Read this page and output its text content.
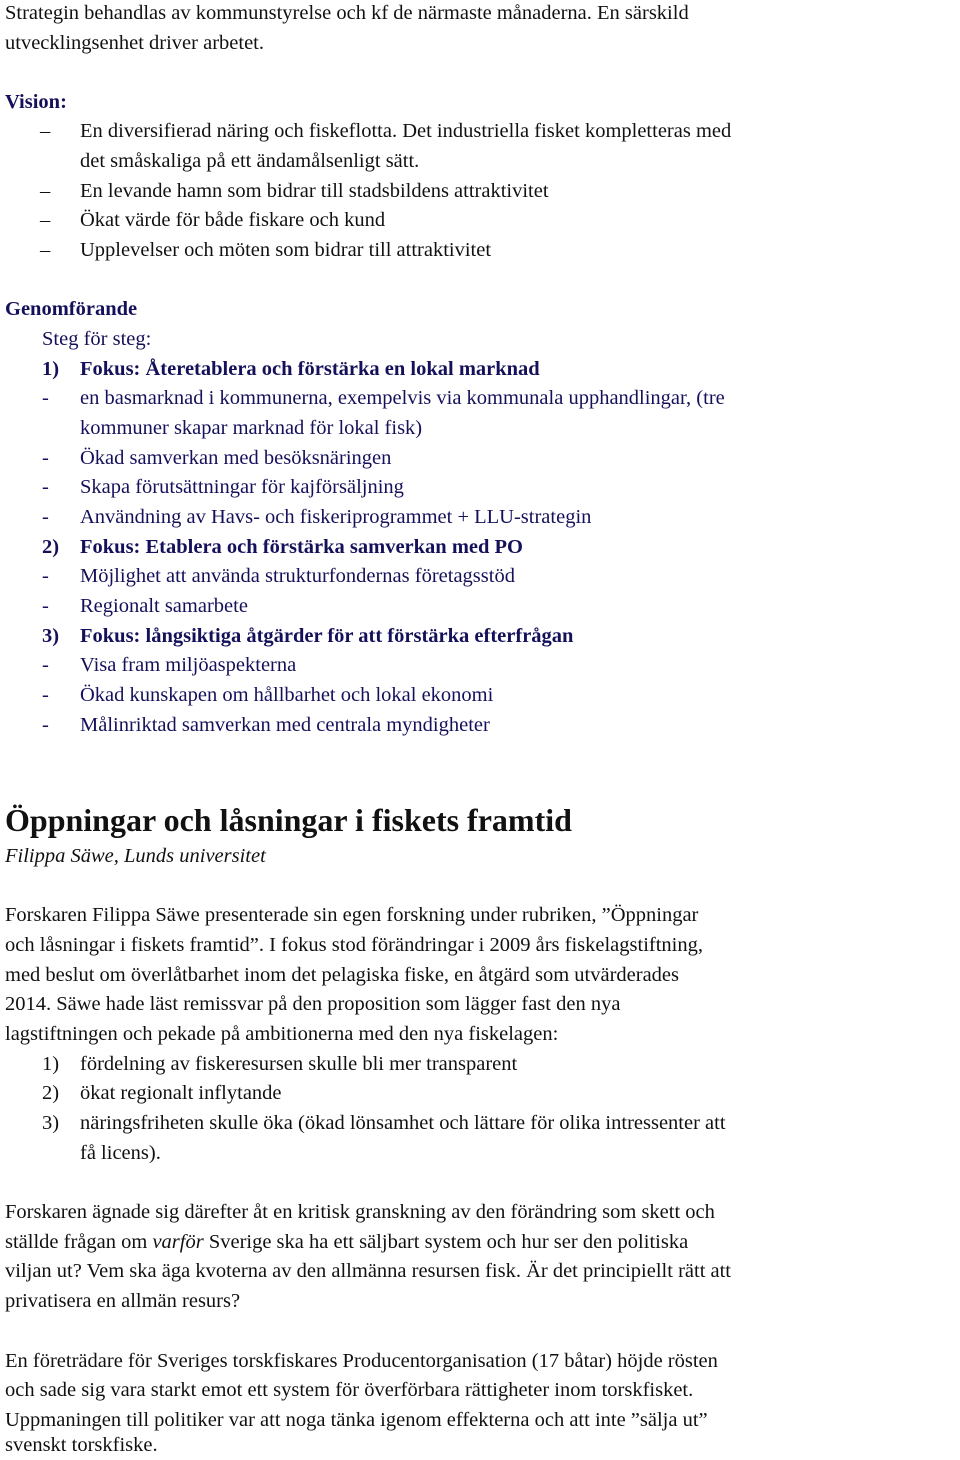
Strategin behandlas av kommunstyrelse och kf de närmaste månaderna. En särskild
utvecklingsenhet driver arbetet.
Vision:
– En diversifierad näring och fiskeflotta. Det industriella fisket kompletteras med
det småskaliga på ett ändamålsenligt sätt.
– En levande hamn som bidrar till stadsbildens attraktivitet
– Ökat värde för både fiskare och kund
– Upplevelser och möten som bidrar till attraktivitet
Genomförande
Steg för steg:
1) Fokus: Återetablera och förstärka en lokal marknad
- en basmarknad i kommunerna, exempelvis via kommunala upphandlingar, (tre
kommuner skapar marknad för lokal fisk)
- Ökad samverkan med besöksnäringen
- Skapa förutsättningar för kajförsäljning
- Användning av Havs- och fiskeriprogrammet + LLU-strategin
2) Fokus: Etablera och förstärka samverkan med PO
- Möjlighet att använda strukturfondernas företagsstöd
- Regionalt samarbete
3) Fokus: långsiktiga åtgärder för att förstärka efterfrågan
- Visa fram miljöaspekterna
- Ökad kunskapen om hållbarhet och lokal ekonomi
- Målinriktad samverkan med centrala myndigheter
Öppningar och låsningar i fiskets framtid
Filippa Säwe, Lunds universitet
Forskaren Filippa Säwe presenterade sin egen forskning under rubriken, ”Öppningar
och låsningar i fiskets framtid”. I fokus stod förändringar i 2009 års fiskelagstiftning,
med beslut om överlåtbarhet inom det pelagiska fiske, en åtgärd som utvärderades
2014. Säwe hade läst remissvar på den proposition som lägger fast den nya
lagstiftningen och pekade på ambitionerna med den nya fiskelagen:
1) fördelning av fiskeresursen skulle bli mer transparent
2) ökat regionalt inflytande
3) näringsfriheten skulle öka (ökad lönsamhet och lättare för olika intressenter att
få licens).
Forskaren ägnade sig därefter åt en kritisk granskning av den förändring som skett och
ställde frågan om varför Sverige ska ha ett säljbart system och hur ser den politiska
viljan ut? Vem ska äga kvoterna av den allmänna resursen fisk. Är det principiellt rätt att
privatisera en allmän resurs?
En företrädare för Sveriges torskfiskares Producentorganisation (17 båtar) höjde rösten
och sade sig vara starkt emot ett system för överförbara rättigheter inom torskfisket.
Uppmaningen till politiker var att noga tänka igenom effekterna och att inte ”sälja ut”
svenskt torskfiske.
